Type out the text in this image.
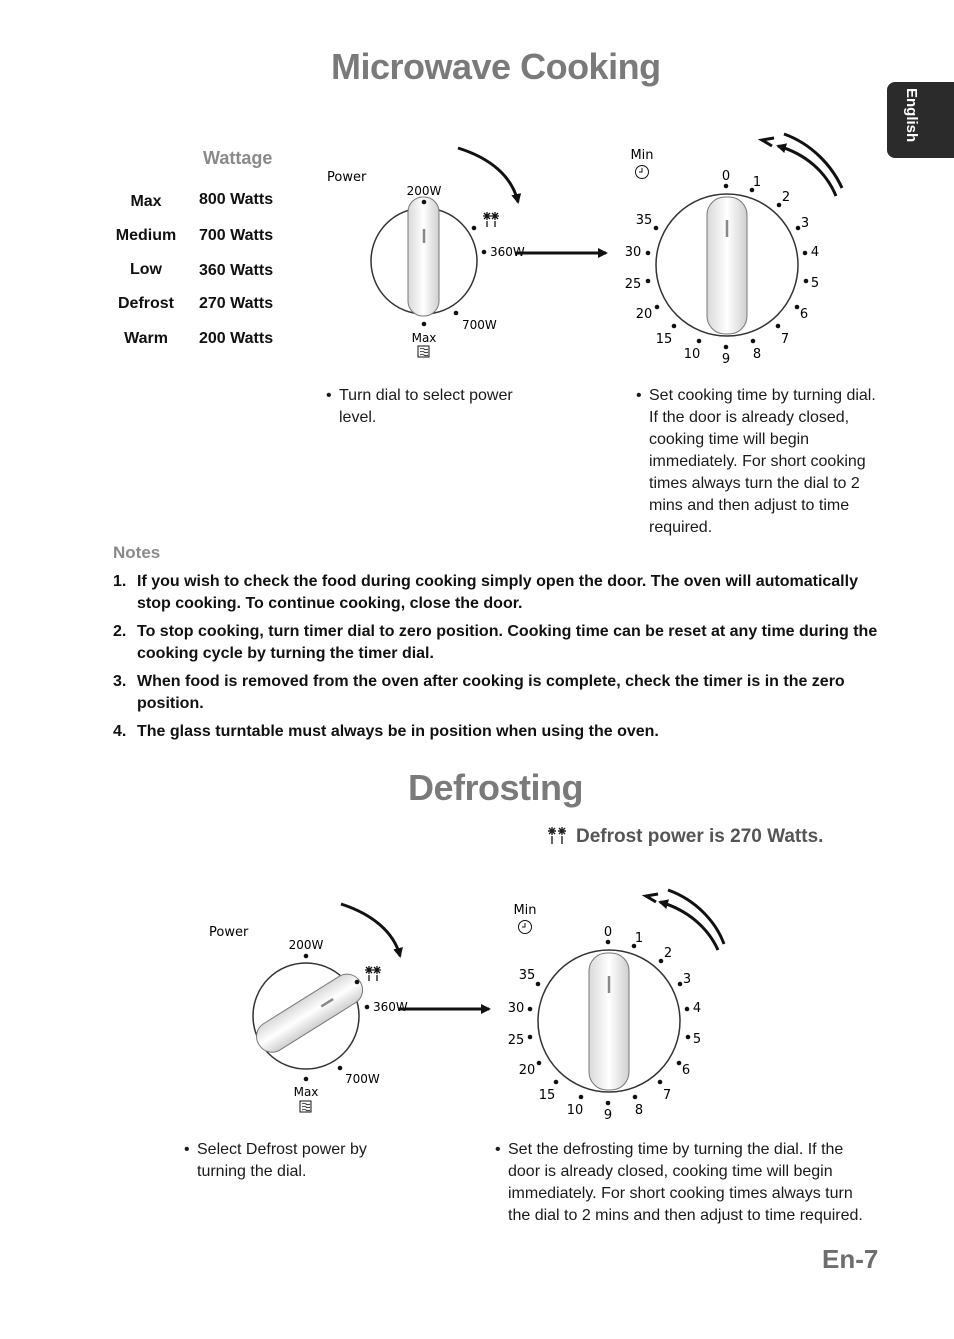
English
Microwave Cooking
Wattage
Max	800 Watts
Medium	700 Watts
Low	360 Watts
Defrost	270 Watts
Warm	200 Watts
Power
200W
360W
700W
Max
Min
0 1
2
3
4
5
6
7
8
9
10
15
20
25
30
35
• Turn dial to select power level.
• Set cooking time by turning dial. If the door is already closed, cooking time will begin immediately. For short cooking times always turn the dial to 2 mins and then adjust to time required.
Notes
1. If you wish to check the food during cooking simply open the door. The oven will automatically stop cooking. To continue cooking, close the door.
2. To stop cooking, turn timer dial to zero position. Cooking time can be reset at any time during the cooking cycle by turning the timer dial.
3. When food is removed from the oven after cooking is complete, check the timer is in the zero position.
4. The glass turntable must always be in position when using the oven.
Defrosting
Defrost power is 270 Watts.
Power
200W
360W
700W
Max
Min
0 1
2
3
4
5
6
7
8
9
10
15
20
25
30
35
• Select Defrost power by turning the dial.
• Set the defrosting time by turning the dial. If the door is already closed, cooking time will begin immediately. For short cooking times always turn the dial to 2 mins and then adjust to time required.
En-7
